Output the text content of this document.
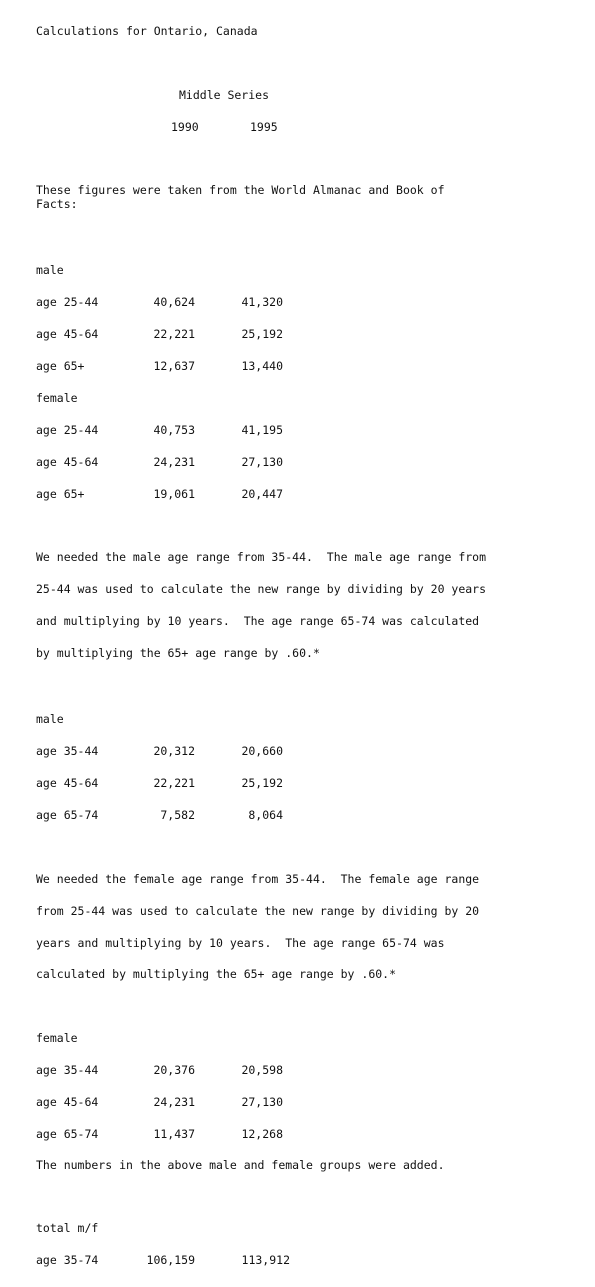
Calculations for Ontario, Canada

Middle Series

1990	1995

These figures were taken from the World Almanac and Book of

Facts:

male

age 25-44	40,624	41,320
age 45-64	22,221	25,192
age 65+	12,637	13,440

female

age 25-44	40,753	41,195
age 45-64	24,231	27,130
age 65+	19,061	20,447

We needed the male age range from 35-44.  The male age range from

25-44 was used to calculate the new range by dividing by 20 years

and multiplying by 10 years.  The age range 65-74 was calculated

by multiplying the 65+ age range by .60.*

male

age 35-44	20,312	20,660
age 45-64	22,221	25,192
age 65-74	7,582	8,064

We needed the female age range from 35-44.  The female age range

from 25-44 was used to calculate the new range by dividing by 20

years and multiplying by 10 years.  The age range 65-74 was

calculated by multiplying the 65+ age range by .60.*

female

age 35-44	20,376	20,598
age 45-64	24,231	27,130
age 65-74	11,437	12,268

The numbers in the above male and female groups were added.

total m/f

age 35-74	106,159	113,912
